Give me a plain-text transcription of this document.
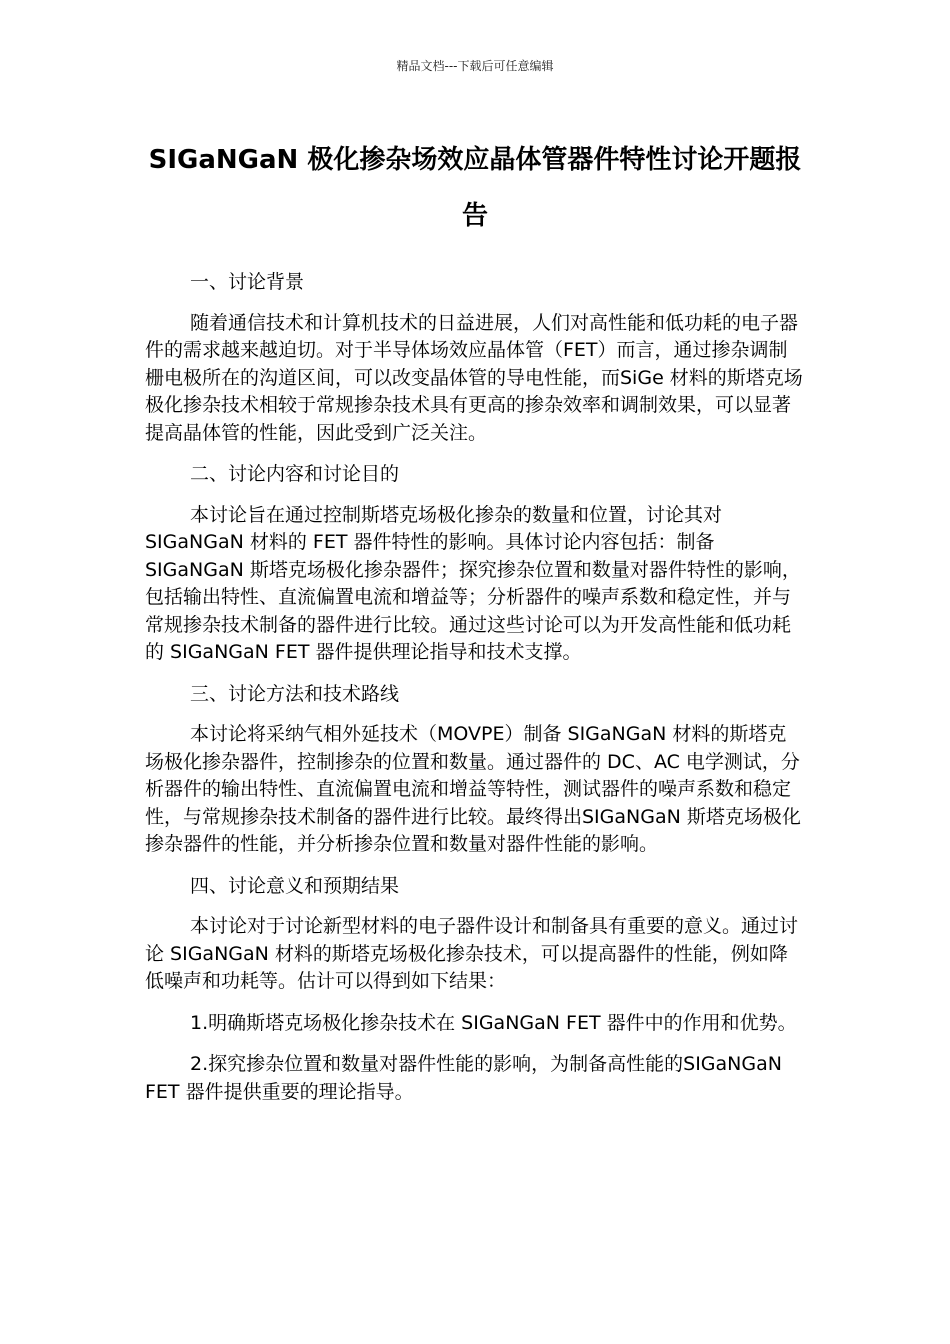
精品文档---下载后可任意编辑
SIGaNGaN 极化掺杂场效应晶体管器件特性讨论开题报告

一、讨论背景

随着通信技术和计算机技术的日益进展，人们对高性能和低功耗的电子器件的需求越来越迫切。对于半导体场效应晶体管（FET）而言，通过掺杂调制栅电极所在的沟道区间，可以改变晶体管的导电性能，而SiGe 材料的斯塔克场极化掺杂技术相较于常规掺杂技术具有更高的掺杂效率和调制效果，可以显著提高晶体管的性能，因此受到广泛关注。

二、讨论内容和讨论目的

本讨论旨在通过控制斯塔克场极化掺杂的数量和位置，讨论其对SIGaNGaN 材料的 FET 器件特性的影响。具体讨论内容包括：制备SIGaNGaN 斯塔克场极化掺杂器件；探究掺杂位置和数量对器件特性的影响，包括输出特性、直流偏置电流和增益等；分析器件的噪声系数和稳定性，并与常规掺杂技术制备的器件进行比较。通过这些讨论可以为开发高性能和低功耗的 SIGaNGaN FET 器件提供理论指导和技术支撑。

三、讨论方法和技术路线

本讨论将采纳气相外延技术（MOVPE）制备 SIGaNGaN 材料的斯塔克场极化掺杂器件，控制掺杂的位置和数量。通过器件的 DC、AC 电学测试，分析器件的输出特性、直流偏置电流和增益等特性，测试器件的噪声系数和稳定性，与常规掺杂技术制备的器件进行比较。最终得出SIGaNGaN 斯塔克场极化掺杂器件的性能，并分析掺杂位置和数量对器件性能的影响。

四、讨论意义和预期结果

本讨论对于讨论新型材料的电子器件设计和制备具有重要的意义。通过讨论 SIGaNGaN 材料的斯塔克场极化掺杂技术，可以提高器件的性能，例如降低噪声和功耗等。估计可以得到如下结果：

1.明确斯塔克场极化掺杂技术在 SIGaNGaN FET 器件中的作用和优势。

2.探究掺杂位置和数量对器件性能的影响，为制备高性能的SIGaNGaN FET 器件提供重要的理论指导。
